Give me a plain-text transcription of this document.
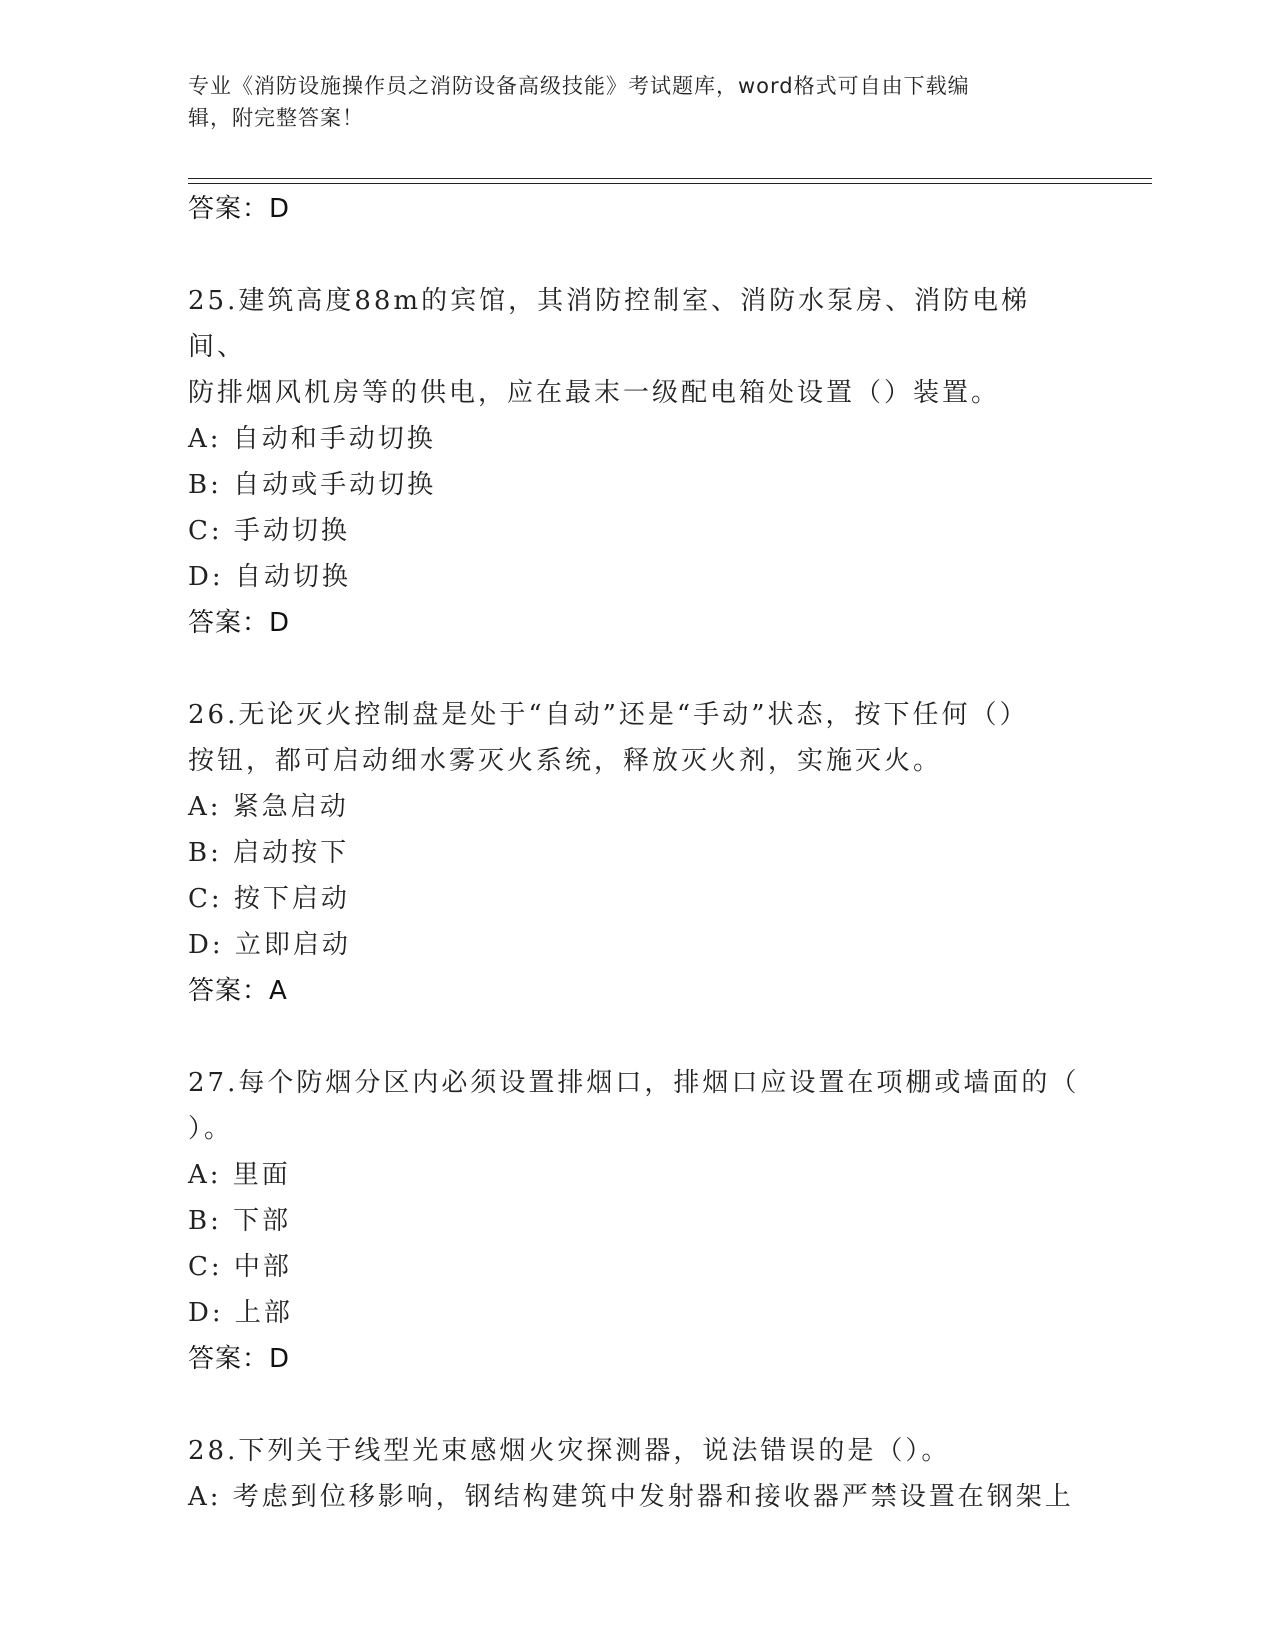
专业《消防设施操作员之消防设备高级技能》考试题库，word格式可自由下载编
辑，附完整答案！
答案：D
25.建筑高度88m的宾馆，其消防控制室、消防水泵房、消防电梯间、
防排烟风机房等的供电，应在最末一级配电箱处设置（）装置。
A: 自动和手动切换
B: 自动或手动切换
C: 手动切换
D: 自动切换
答案：D
26.无论灭火控制盘是处于“自动”还是“手动”状态，按下任何（）
按钮，都可启动细水雾灭火系统，释放灭火剂，实施灭火。
A: 紧急启动
B: 启动按下
C: 按下启动
D: 立即启动
答案：A
27.每个防烟分区内必须设置排烟口，排烟口应设置在项棚或墙面的（
）。
A: 里面
B: 下部
C: 中部
D: 上部
答案：D
28.下列关于线型光束感烟火灾探测器，说法错误的是（）。
A: 考虑到位移影响，钢结构建筑中发射器和接收器严禁设置在钢架上
